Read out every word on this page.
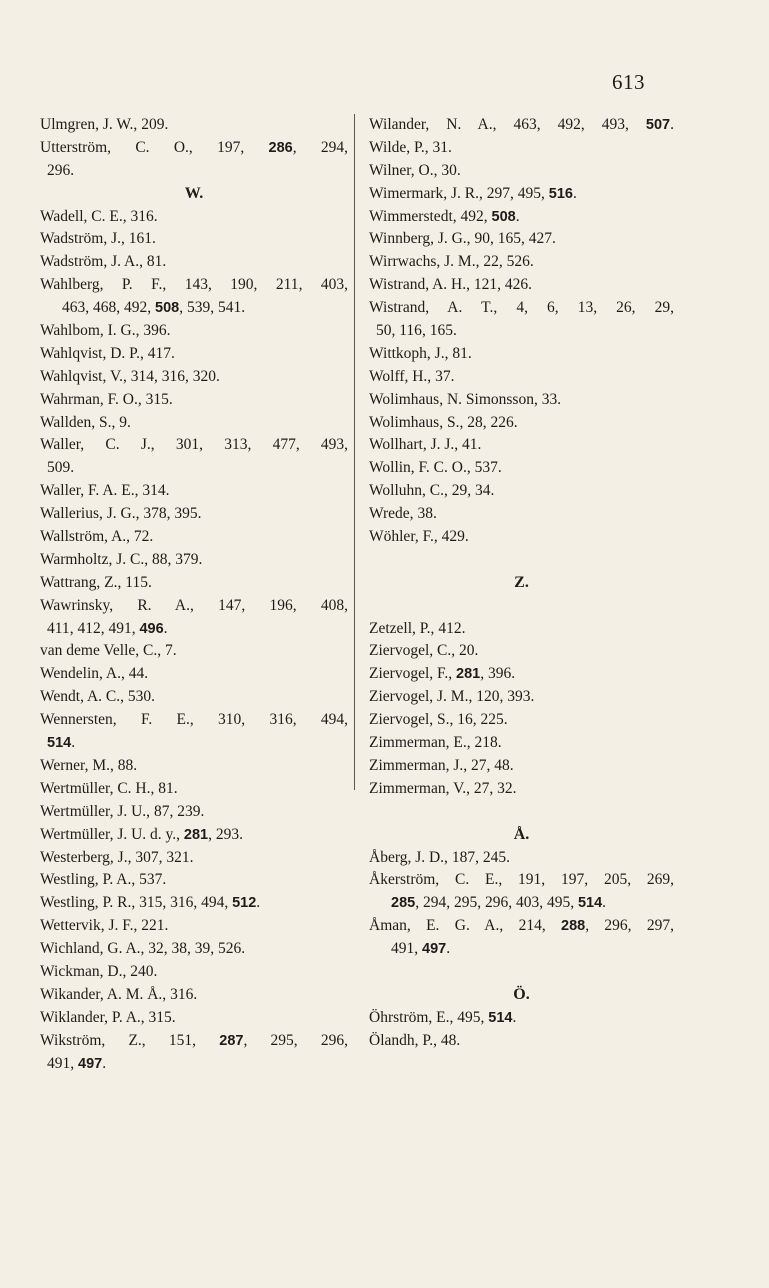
613
Ulmgren, J. W., 209.
Utterström, C. O., 197, 286, 294,
296.
W.
Wadell, C. E., 316.
Wadström, J., 161.
Wadström, J. A., 81.
Wahlberg, P. F., 143, 190, 211, 403,
463, 468, 492, 508, 539, 541.
Wahlbom, I. G., 396.
Wahlqvist, D. P., 417.
Wahlqvist, V., 314, 316, 320.
Wahrman, F. O., 315.
Wallden, S., 9.
Waller, C. J., 301, 313, 477, 493,
509.
Waller, F. A. E., 314.
Wallerius, J. G., 378, 395.
Wallström, A., 72.
Warmholtz, J. C., 88, 379.
Wattrang, Z., 115.
Wawrinsky, R. A., 147, 196, 408,
411, 412, 491, 496.
van deme Velle, C., 7.
Wendelin, A., 44.
Wendt, A. C., 530.
Wennersten, F. E., 310, 316, 494,
514.
Werner, M., 88.
Wertmüller, C. H., 81.
Wertmüller, J. U., 87, 239.
Wertmüller, J. U. d. y., 281, 293.
Westerberg, J., 307, 321.
Westling, P. A., 537.
Westling, P. R., 315, 316, 494, 512.
Wettervik, J. F., 221.
Wichland, G. A., 32, 38, 39, 526.
Wickman, D., 240.
Wikander, A. M. Å., 316.
Wiklander, P. A., 315.
Wikström, Z., 151, 287, 295, 296,
491, 497.
Wilander, N. A., 463, 492, 493, 507.
Wilde, P., 31.
Wilner, O., 30.
Wimermark, J. R., 297, 495, 516.
Wimmerstedt, 492, 508.
Winnberg, J. G., 90, 165, 427.
Wirrwachs, J. M., 22, 526.
Wistrand, A. H., 121, 426.
Wistrand, A. T., 4, 6, 13, 26, 29,
50, 116, 165.
Wittkoph, J., 81.
Wolff, H., 37.
Wolimhaus, N. Simonsson, 33.
Wolimhaus, S., 28, 226.
Wollhart, J. J., 41.
Wollin, F. C. O., 537.
Wolluhn, C., 29, 34.
Wrede, 38.
Wöhler, F., 429.
Z.
Zetzell, P., 412.
Ziervogel, C., 20.
Ziervogel, F., 281, 396.
Ziervogel, J. M., 120, 393.
Ziervogel, S., 16, 225.
Zimmerman, E., 218.
Zimmerman, J., 27, 48.
Zimmerman, V., 27, 32.
Å.
Åberg, J. D., 187, 245.
Åkerström, C. E., 191, 197, 205, 269,
285, 294, 295, 296, 403, 495, 514.
Åman, E. G. A., 214, 288, 296, 297,
491, 497.
Ö.
Öhrström, E., 495, 514.
Ölandh, P., 48.
